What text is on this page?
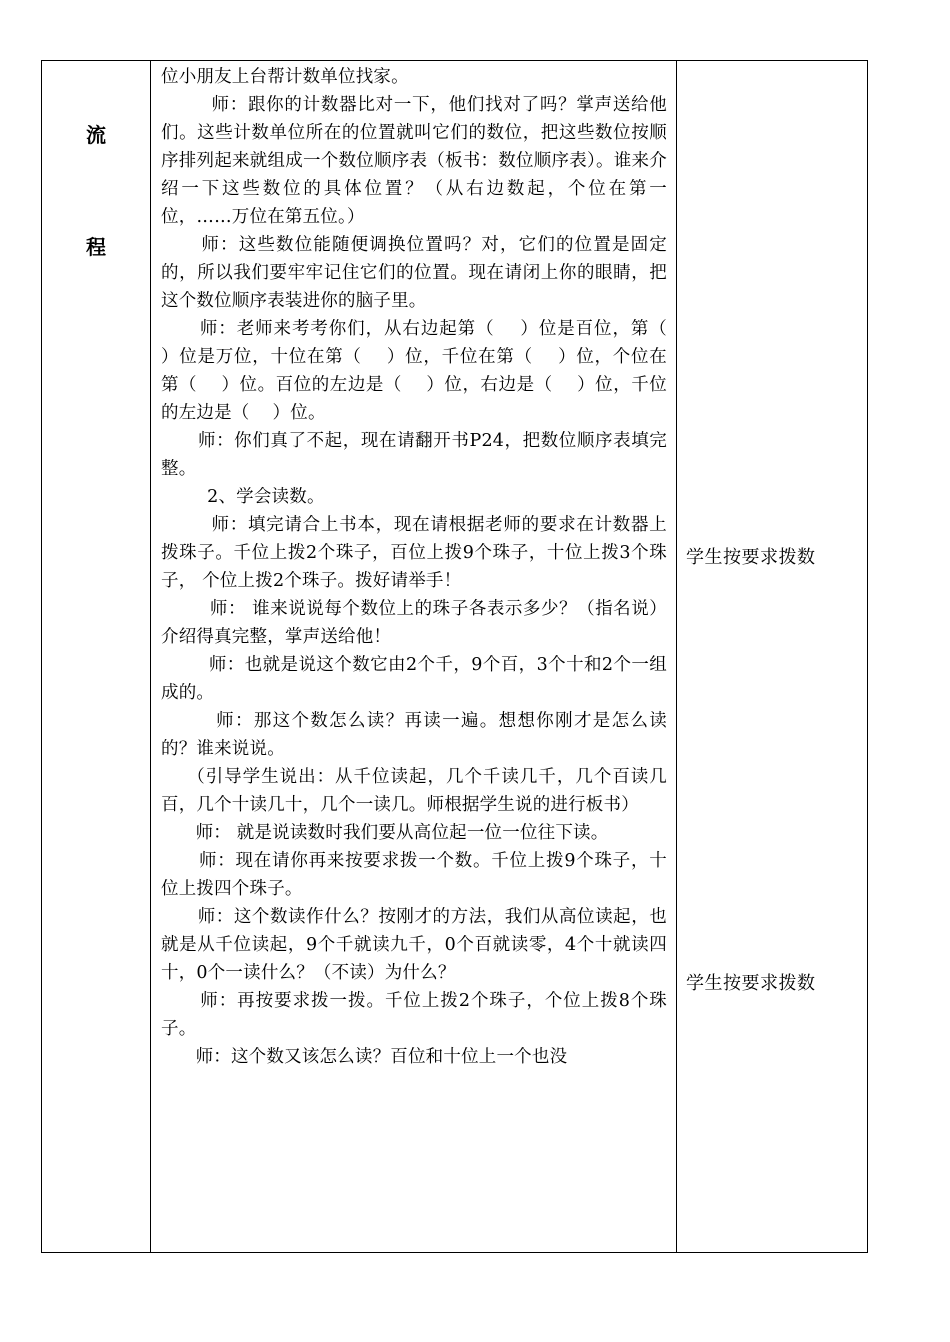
流
程

位小朋友上台帮计数单位找家。

师：跟你的计数器比对一下，他们找对了吗？掌声送给他们。这些计数单位所在的位置就叫它们的数位，把这些数位按顺序排列起来就组成一个数位顺序表（板书：数位顺序表）。谁来介绍一下这些数位的具体位置？（从右边数起，个位在第一位，……万位在第五位。）

师：这些数位能随便调换位置吗？对，它们的位置是固定的，所以我们要牢牢记住它们的位置。现在请闭上你的眼睛，把这个数位顺序表装进你的脑子里。

师：老师来考考你们，从右边起第（    ）位是百位，第（      ）位是万位，十位在第（    ）位，千位在第（    ）位，个位在第（    ）位。百位的左边是（    ）位，右边是（    ）位，千位的左边是（    ）位。

师：你们真了不起，现在请翻开书P24，把数位顺序表填完整。

2、学会读数。

师：填完请合上书本，现在请根据老师的要求在计数器上拨珠子。千位上拨2个珠子，百位上拨9个珠子，十位上拨3个珠子， 个位上拨2个珠子。拨好请举手！

师： 谁来说说每个数位上的珠子各表示多少？（指名说）介绍得真完整，掌声送给他！

师：也就是说这个数它由2个千，9个百，3个十和2个一组成的。

师：那这个数怎么读？再读一遍。想想你刚才是怎么读的？谁来说说。

（引导学生说出：从千位读起，几个千读几千，几个百读几百，几个十读几十，几个一读几。师根据学生说的进行板书）

师： 就是说读数时我们要从高位起一位一位往下读。

师：现在请你再来按要求拨一个数。千位上拨9个珠子，十位上拨四个珠子。

师：这个数读作什么？按刚才的方法，我们从高位读起，也就是从千位读起，9个千就读九千，0个百就读零，4个十就读四十，0个一读什么？（不读）为什么？

师：再按要求拨一拨。千位上拨2个珠子，个位上拨8个珠子。

师：这个数又该怎么读？百位和十位上一个也没

学生按要求拨数
学生按要求拨数
